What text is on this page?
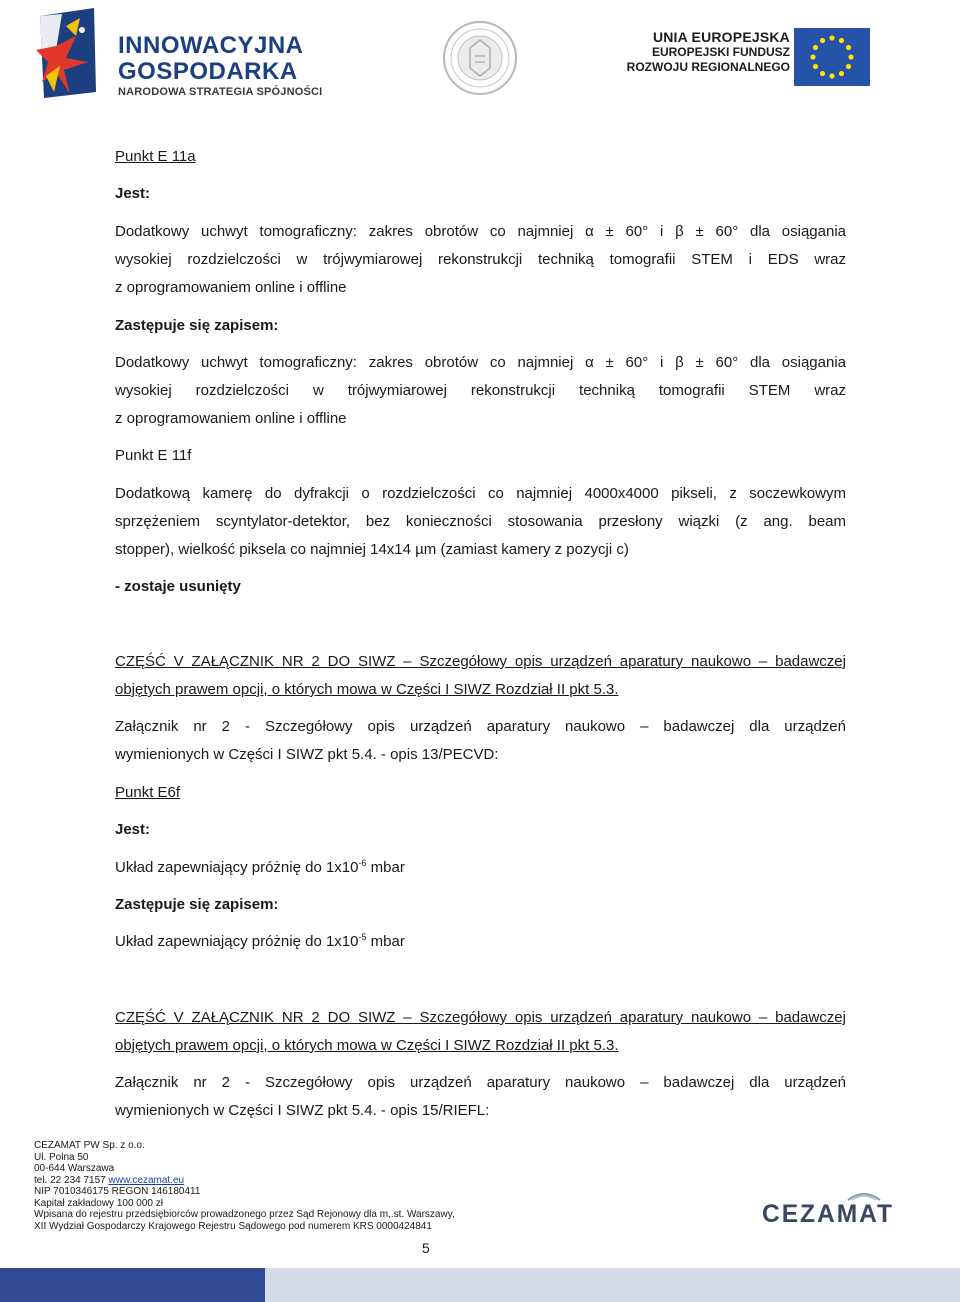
INNOWACYJNA
GOSPODARKA
NARODOWA STRATEGIA SPÓJNOŚCI
UNIA EUROPEJSKA
EUROPEJSKI FUNDUSZ
ROZWOJU REGIONALNEGO
Punkt E 11a
Jest:
Dodatkowy uchwyt tomograficzny: zakres obrotów co najmniej α ± 60° i β ± 60° dla osiągania
wysokiej rozdzielczości w trójwymiarowej rekonstrukcji techniką tomografii STEM i EDS wraz
z oprogramowaniem online i offline
Zastępuje się zapisem:
Dodatkowy uchwyt tomograficzny: zakres obrotów co najmniej α ± 60° i β ± 60° dla osiągania
wysokiej rozdzielczości w trójwymiarowej rekonstrukcji techniką tomografii STEM wraz
z oprogramowaniem online i offline
Punkt E 11f
Dodatkową kamerę do dyfrakcji o rozdzielczości co najmniej 4000x4000 pikseli, z soczewkowym
sprzężeniem scyntylator-detektor, bez konieczności stosowania przesłony wiązki (z ang. beam
stopper), wielkość piksela co najmniej 14x14 µm (zamiast kamery z pozycji c)
- zostaje usunięty
CZĘŚĆ V ZAŁĄCZNIK NR 2 DO SIWZ – Szczegółowy opis urządzeń aparatury naukowo – badawczej
objętych prawem opcji, o których mowa w Części I SIWZ Rozdział II pkt 5.3.
Załącznik nr 2 - Szczegółowy opis urządzeń aparatury naukowo – badawczej dla urządzeń
wymienionych w Części I SIWZ pkt 5.4. - opis 13/PECVD:
Punkt E6f
Jest:
Układ zapewniający próżnię do $1x10^{-6}$ mbar
Zastępuje się zapisem:
Układ zapewniający próżnię do $1x10^{-5}$ mbar
CZĘŚĆ V ZAŁĄCZNIK NR 2 DO SIWZ – Szczegółowy opis urządzeń aparatury naukowo – badawczej
objętych prawem opcji, o których mowa w Części I SIWZ Rozdział II pkt 5.3.
Załącznik nr 2 - Szczegółowy opis urządzeń aparatury naukowo – badawczej dla urządzeń
wymienionych w Części I SIWZ pkt 5.4. - opis 15/RIEFL:
CEZAMAT PW Sp. z o.o.
Ul. Polna 50
00-644 Warszawa
tel. 22 234 7157 www.cezamat.eu
NIP 7010346175 REGON 146180411
Kapitał zakładowy 100 000 zł
Wpisana do rejestru przedsiębiorców prowadzonego przez Sąd Rejonowy dla m,.st. Warszawy,
XII Wydział Gospodarczy Krajowego Rejestru Sądowego pod numerem KRS 0000424841	CEZAMAT
5
